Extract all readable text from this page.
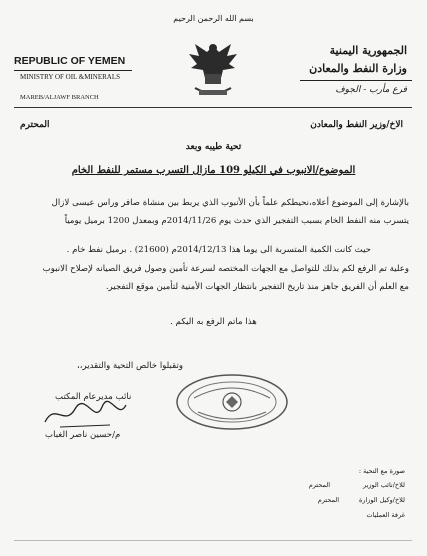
بسم الله الرحمن الرحيم
REPUBLIC OF YEMEN
MINISTRY OF OIL &MINERALS
MAREB/ALJAWF BRANCH
الجمهورية اليمنية
وزارة النفط والمعادن
فرع مأرب - الجوف
الاخ/وزير النفط والمعادن
المحترم
تحية طيبه وبعد
الموضوع/الانبوب في الكيلو 109 مازال التسرب مستمر للنفط الخام
بالإشارة إلى الموضوع أعلاه،نحيطكم علماً بأن الأنبوب الذي يربط بين منشاة صافر وراس عيسى لازال
يتسرب منه النفط الخام بسبب التفجير الذي حدث يوم 2014/11/26م وبمعدل 1200 برميل يومياً
حيث كانت الكمية المتسربة الى يوما هذا 2014/12/13م (21600) . برميل نفط خام .
وعلية تم الرفع لكم بذلك للتواصل مع الجهات المختصه لسرعة تأمين وصول فريق الصيانه لإصلاح الانبوب
مع العلم أن الفريق جاهز منذ تاريخ التفجير بانتظار الجهات الأمنية لتأمين موقع التفجير.
هذا ماتم الرفع به اليكم .
وتقبلوا خالص التحية والتقدير،،
نائب مديرعام المكتب
م/حسين ناصر الغباب
صورة مع التحية :
للاخ/نائب الوزير
المحترم
للاخ/وكيل الوزارة
المحترم
غرفة العمليات
